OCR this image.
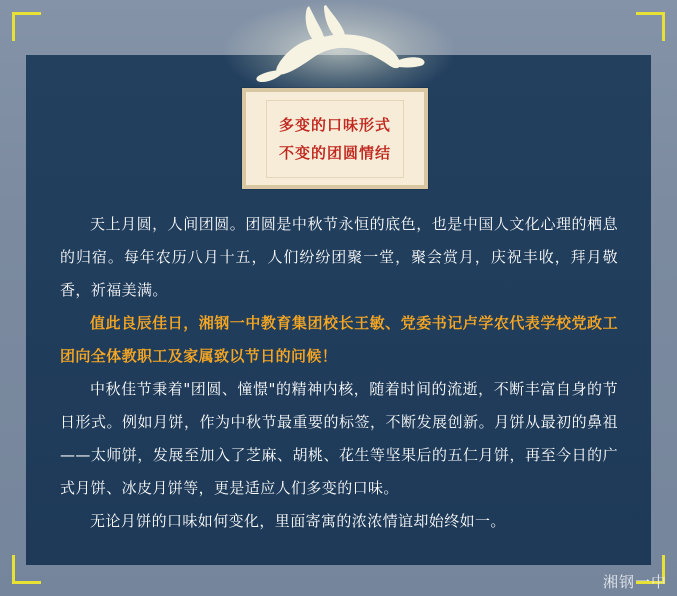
多变的口味形式
不变的团圆情结

天上月圆，人间团圆。团圆是中秋节永恒的底色，也是中国人文化心理的栖息的归宿。每年农历八月十五，人们纷纷团聚一堂，聚会赏月，庆祝丰收，拜月敬香，祈福美满。

值此良辰佳日，湘钢一中教育集团校长王敏、党委书记卢学农代表学校党政工团向全体教职工及家属致以节日的问候！

中秋佳节秉着"团圆、憧憬"的精神内核，随着时间的流逝，不断丰富自身的节日形式。例如月饼，作为中秋节最重要的标签，不断发展创新。月饼从最初的鼻祖——太师饼，发展至加入了芝麻、胡桃、花生等坚果后的五仁月饼，再至今日的广式月饼、冰皮月饼等，更是适应人们多变的口味。

无论月饼的口味如何变化，里面寄寓的浓浓情谊却始终如一。

湘钢一中
